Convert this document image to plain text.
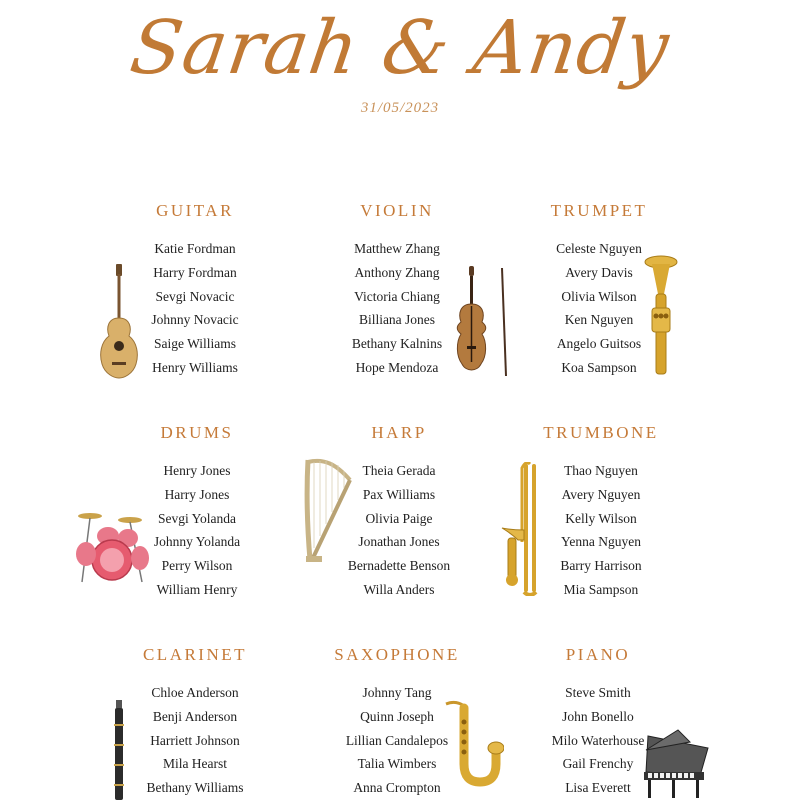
Sarah & Andy
31/05/2023
GUITAR
Katie Fordman
Harry Fordman
Sevgi Novacic
Johnny Novacic
Saige Williams
Henry Williams
VIOLIN
Matthew Zhang
Anthony Zhang
Victoria Chiang
Billiana Jones
Bethany Kalnins
Hope Mendoza
TRUMPET
Celeste Nguyen
Avery Davis
Olivia Wilson
Ken Nguyen
Angelo Guitsos
Koa Sampson
DRUMS
Henry Jones
Harry Jones
Sevgi Yolanda
Johnny Yolanda
Perry Wilson
William Henry
HARP
Theia Gerada
Pax Williams
Olivia Paige
Jonathan Jones
Bernadette Benson
Willa Anders
TRUMBONE
Thao Nguyen
Avery Nguyen
Kelly Wilson
Yenna Nguyen
Barry Harrison
Mia Sampson
CLARINET
Chloe Anderson
Benji Anderson
Harriett Johnson
Mila Hearst
Bethany Williams
SAXOPHONE
Johnny Tang
Quinn Joseph
Lillian Candalepos
Talia Wimbers
Anna Crompton
PIANO
Steve Smith
John Bonello
Milo Waterhouse
Gail Frenchy
Lisa Everett
